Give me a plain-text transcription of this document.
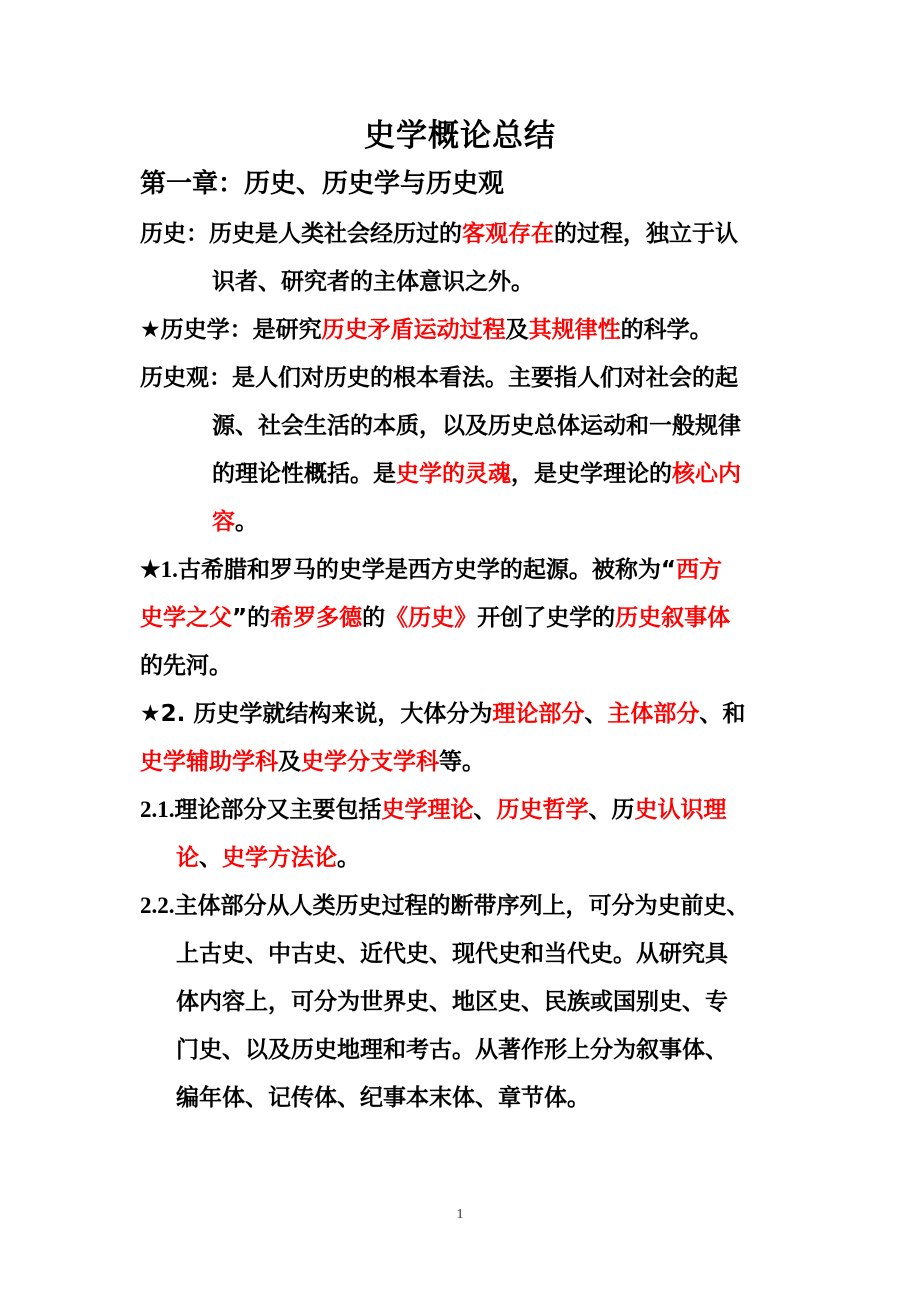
史学概论总结
第一章：历史、历史学与历史观
历史：历史是人类社会经历过的客观存在的过程，独立于认
识者、研究者的主体意识之外。
★历史学：是研究历史矛盾运动过程及其规律性的科学。
历史观：是人们对历史的根本看法。主要指人们对社会的起
源、社会生活的本质，以及历史总体运动和一般规律
的理论性概括。是史学的灵魂，是史学理论的核心内
容。
★1.古希腊和罗马的史学是西方史学的起源。被称为“西方
史学之父”的希罗多德的《历史》开创了史学的历史叙事体
的先河。
★2. 历史学就结构来说，大体分为理论部分、主体部分、和
史学辅助学科及史学分支学科等。
2.1.理论部分又主要包括史学理论、历史哲学、历史认识理
论、史学方法论。
2.2.主体部分从人类历史过程的断带序列上，可分为史前史、
上古史、中古史、近代史、现代史和当代史。从研究具
体内容上，可分为世界史、地区史、民族或国别史、专
门史、以及历史地理和考古。从著作形上分为叙事体、
编年体、记传体、纪事本末体、章节体。
1
